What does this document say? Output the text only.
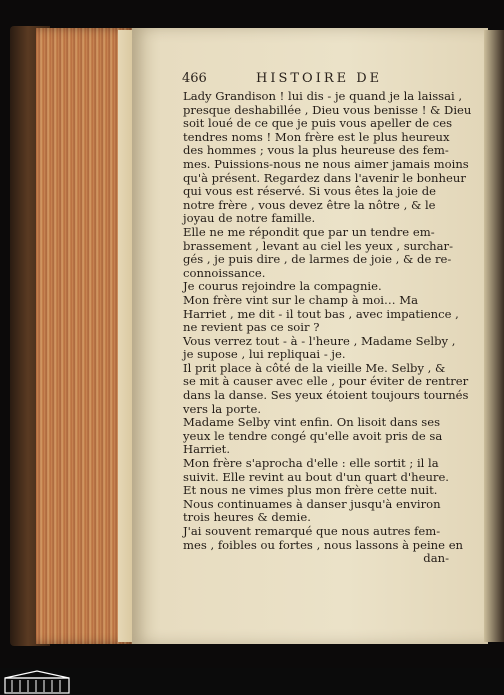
466	HISTOIRE DE
Lady Grandison ! lui dis - je quand je la laissai ,
presque deshabillée , Dieu vous benisse ! & Dieu
soit loué de ce que je puis vous apeller de ces
tendres noms ! Mon frère est le plus heureux
des hommes ; vous la plus heureuse des fem-
mes. Puissions-nous ne nous aimer jamais moins
qu'à présent. Regardez dans l'avenir le bonheur
qui vous est réservé. Si vous êtes la joie de
notre frère , vous devez être la nôtre , & le
joyau de notre famille.
Elle ne me répondit que par un tendre em-
brassement , levant au ciel les yeux , surchar-
gés , je puis dire , de larmes de joie , & de re-
connoissance.
Je courus rejoindre la compagnie.
Mon frère vint sur le champ à moi… Ma
Harriet , me dit - il tout bas , avec impatience ,
ne revient pas ce soir ?
Vous verrez tout - à - l'heure , Madame Selby ,
je supose , lui repliquai - je.
Il prit place à côté de la vieille Me. Selby , &
se mit à causer avec elle , pour éviter de rentrer
dans la danse. Ses yeux étoient toujours tournés
vers la porte.
Madame Selby vint enfin. On lisoit dans ses
yeux le tendre congé qu'elle avoit pris de sa
Harriet.
Mon frère s'aprocha d'elle : elle sortit ; il la
suivit. Elle revint au bout d'un quart d'heure.
Et nous ne vimes plus mon frère cette nuit.
Nous continuames à danser jusqu'à environ
trois heures & demie.
J'ai souvent remarqué que nous autres fem-
mes , foibles ou fortes , nous lassons à peine en
dan-
